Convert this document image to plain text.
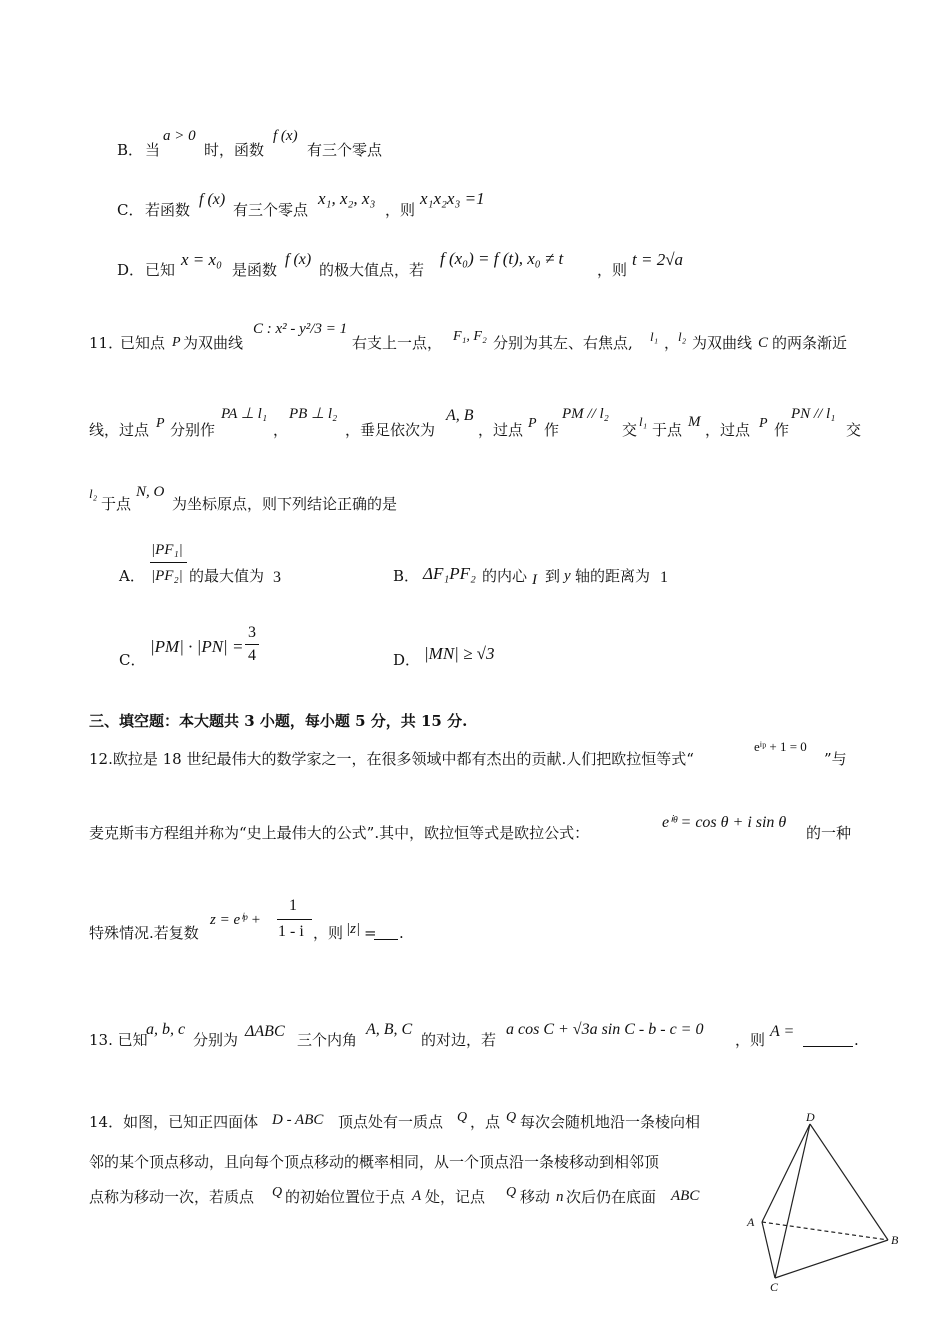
B． 当
a > 0
时，函数
f (x)
有三个零点
C． 若函数
f (x)
有三个零点
x₁, x₂, x₃
，则
x₁x₂x₃ =1
D． 已知
x = x₀
是函数
f (x)
的极大值点，若
f (x₀) = f (t), x₀ ≠ t
，则
t = 2√a
11．
已知点 P 为双曲线
C : x² - y²/3 = 1
右支上一点， F₁, F₂ 分别为其左、右焦点, l₁ ，
l₂ 为双曲线 C 的两条渐近
线，过点 P 分别作
PA ⊥ l₁
，
PB ⊥ l₂
，垂足依次为
A, B
，过点 P 作
PM // l₂
交 l₁ 于点 M ，过点 P 作
PN // l₁
交
l₂
于点
N, O
为坐标原点，则下列结论正确的是
A．
|PF₁|
|PF₂| 的最大值为 3	B． ΔF₁PF₂ 的内心 I 到 y 轴的距离为 1
C．
|PM| · |PN| =
3
4	D． |MN| ≥ √3
三、填空题：本大题共 3 小题，每小题 5 分，共 15 分.
12.欧拉是 18 世纪最伟大的数学家之一，在很多领域中都有杰出的贡献.人们把欧拉恒等式“
eⁱᵖ + 1 = 0
”与
麦克斯韦方程组并称为“史上最伟大的公式”.其中，欧拉恒等式是欧拉公式：
eⁱᶿ = cos θ + i sin θ
的一种
特殊情况.若复数
z = eⁱᵖ +
1
1 - i ，则 |z| = .
13. 已知
a, b, c
分别为 ΔABC 三个内角
A, B, C
的对边，若
a cos C + √3a sin C - b - c = 0
，则 A =	.
14．如图，已知正四面体 D - ABC 顶点处有一质点 Q ，点 Q 每次会随机地沿一条棱向相
邻的某个顶点移动，且向每个顶点移动的概率相同，从一个顶点沿一条棱移动到相邻顶
点称为移动一次，若质点 Q 的初始位置位于点 A 处，记点 Q 移动 n 次后仍在底面 ABC
D
A
B
C
